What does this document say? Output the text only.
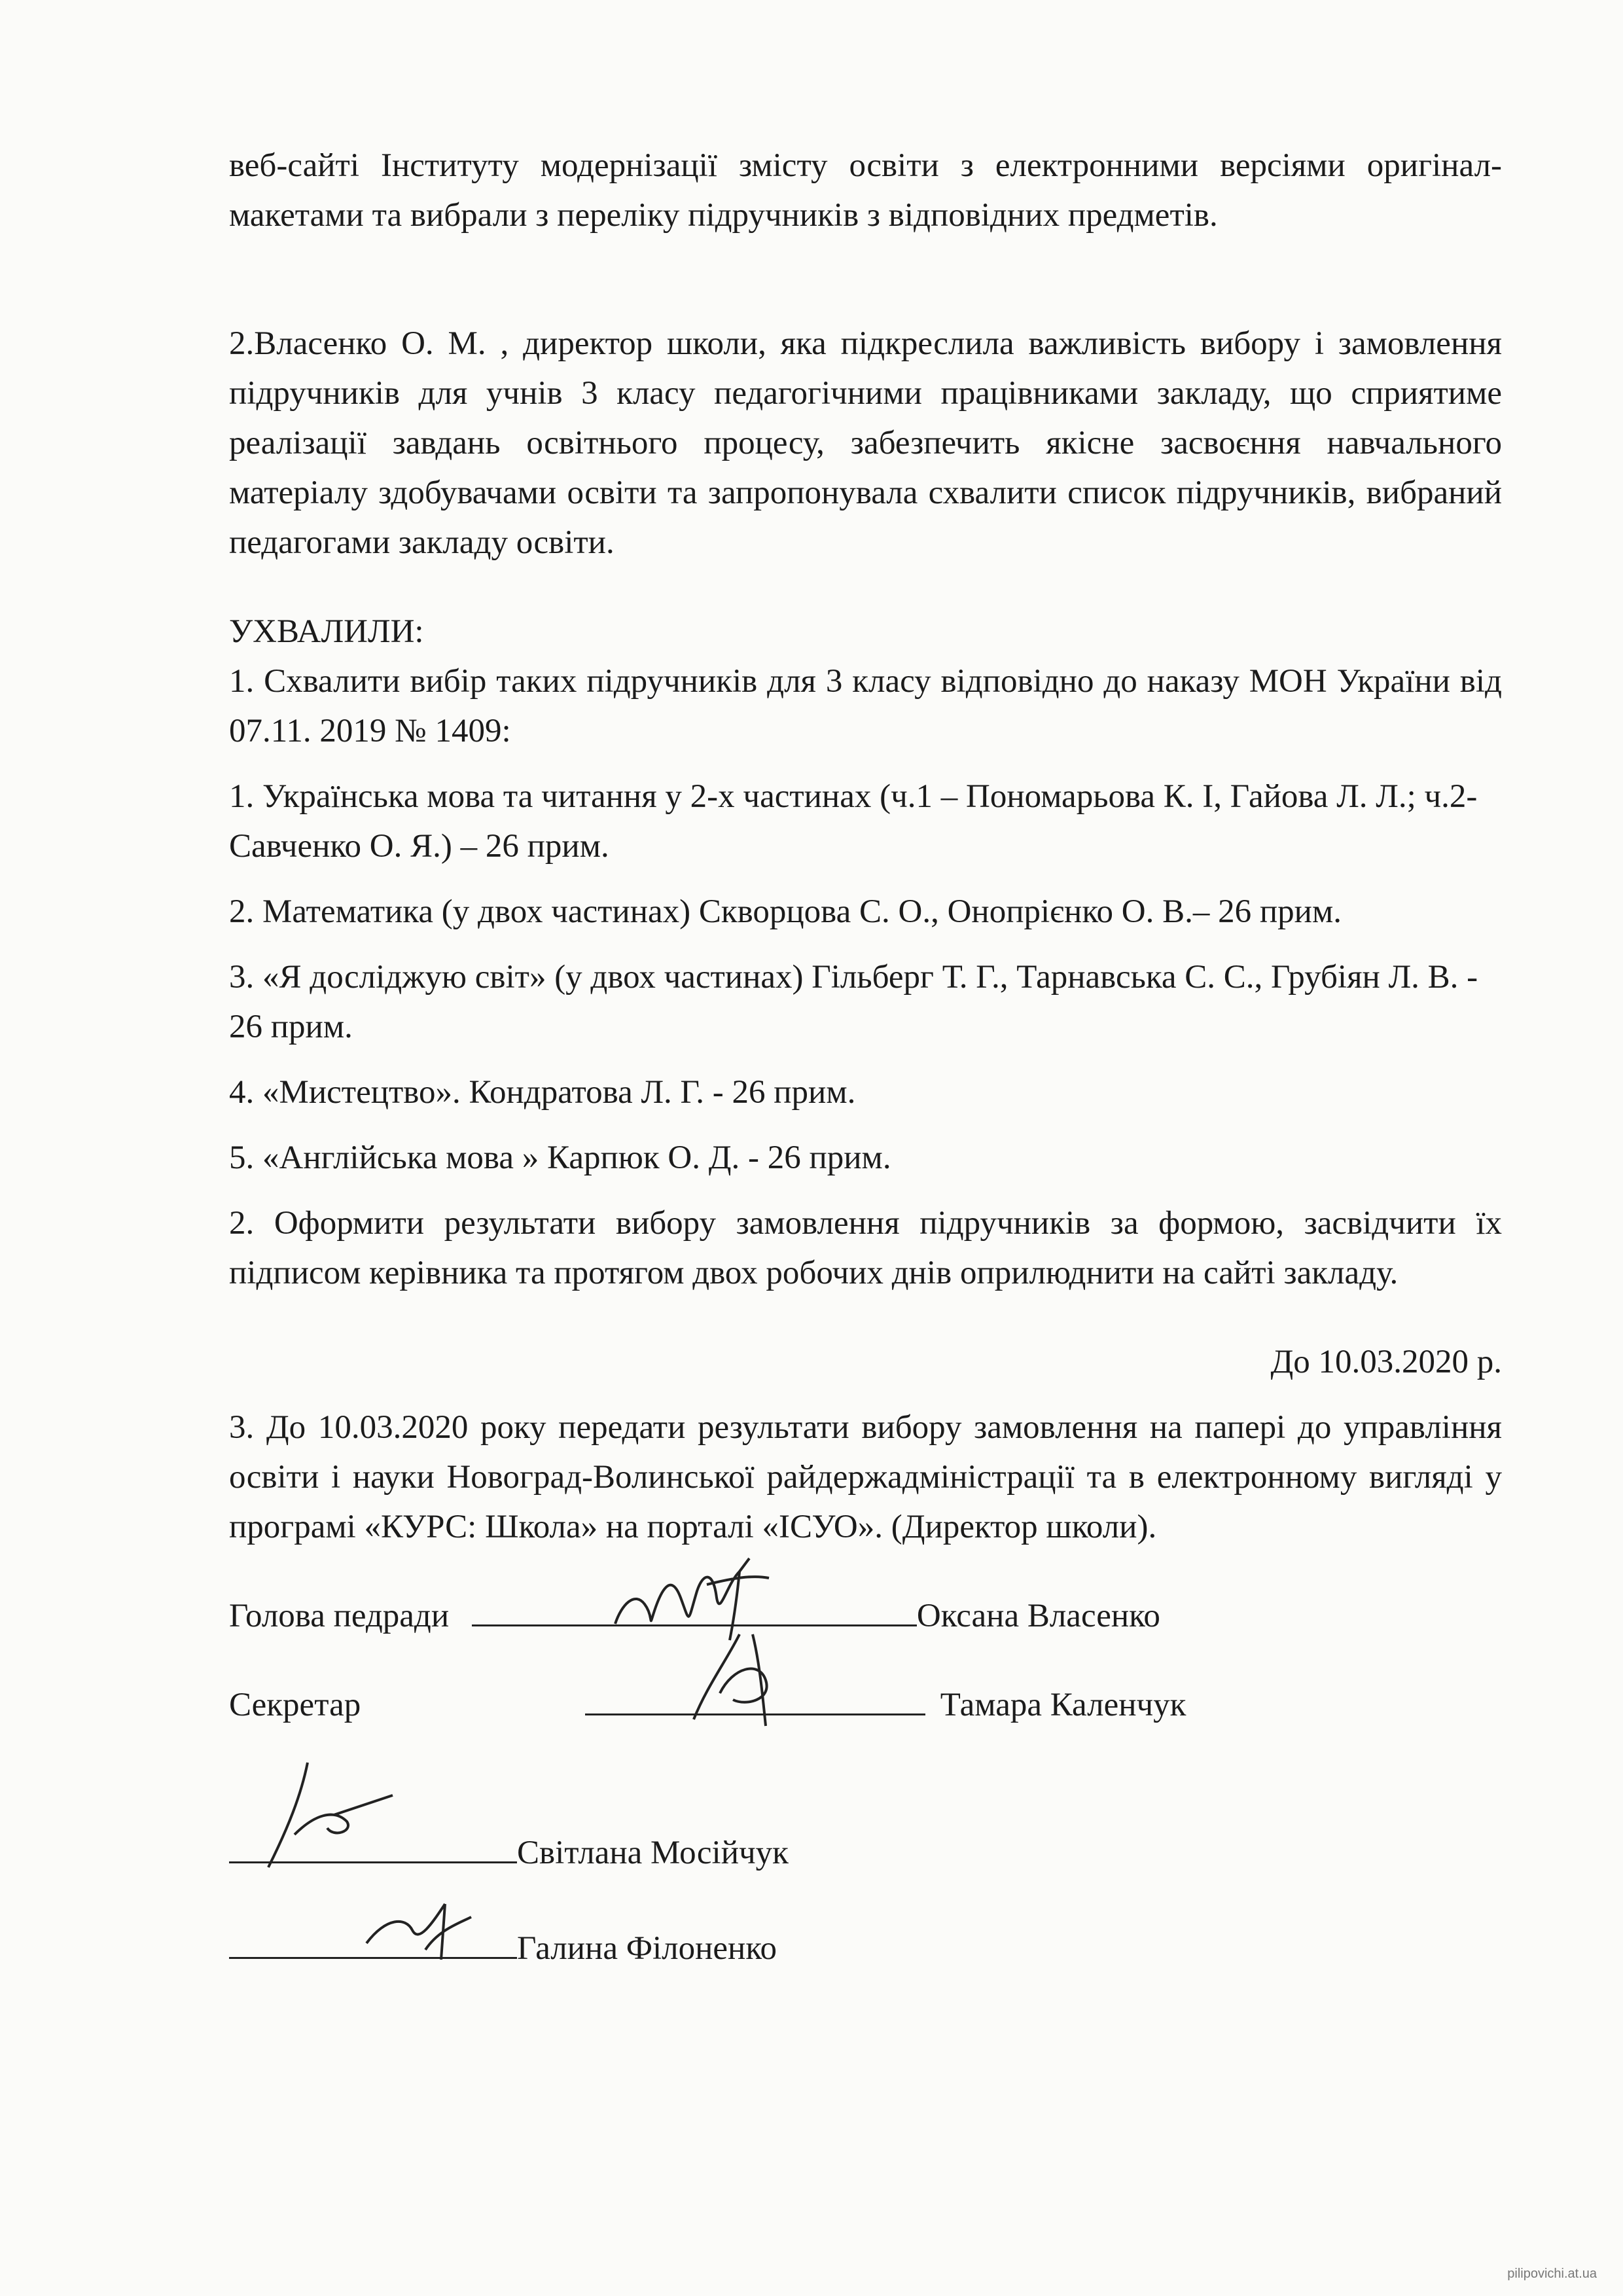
веб-сайті Інституту модернізації змісту освіти з електронними версіями оригінал-макетами та вибрали з переліку підручників з відповідних предметів.

2.Власенко О. М. , директор школи, яка підкреслила важливість вибору і замовлення підручників для учнів 3 класу педагогічними працівниками закладу, що сприятиме реалізації завдань освітнього процесу, забезпечить якісне засвоєння навчального матеріалу здобувачами освіти та запропонувала схвалити список підручників, вибраний педагогами закладу освіти.

УХВАЛИЛИ:

1. Схвалити вибір таких підручників для 3 класу відповідно до наказу МОН України від 07.11. 2019 № 1409:

1. Українська мова та читання у 2-х частинах (ч.1 – Пономарьова К. І, Гайова Л. Л.; ч.2- Савченко О. Я.) – 26 прим.

2. Математика (у двох частинах) Скворцова С. О., Онопрієнко О. В.– 26 прим.

3. «Я досліджую світ» (у двох частинах) Гільберг Т. Г., Тарнавська С. С., Грубіян Л. В. - 26 прим.

4. «Мистецтво». Кондратова Л. Г. - 26 прим.

5. «Англійська мова » Карпюк О. Д. - 26 прим.

2. Оформити результати вибору замовлення підручників за формою, засвідчити їх підписом керівника та протягом двох робочих днів оприлюднити на сайті закладу.

До 10.03.2020 р.

3. До 10.03.2020 року передати результати вибору замовлення на папері до управління освіти і науки Новоград-Волинської райдержадміністрації та в електронному вигляді у програмі «КУРС: Школа» на порталі «ІСУО». (Директор школи).

Голова педради	Оксана Власенко
Секретар	Тамара Каленчук
Світлана Мосійчук
Галина Філоненко
pilipovichi.at.ua
